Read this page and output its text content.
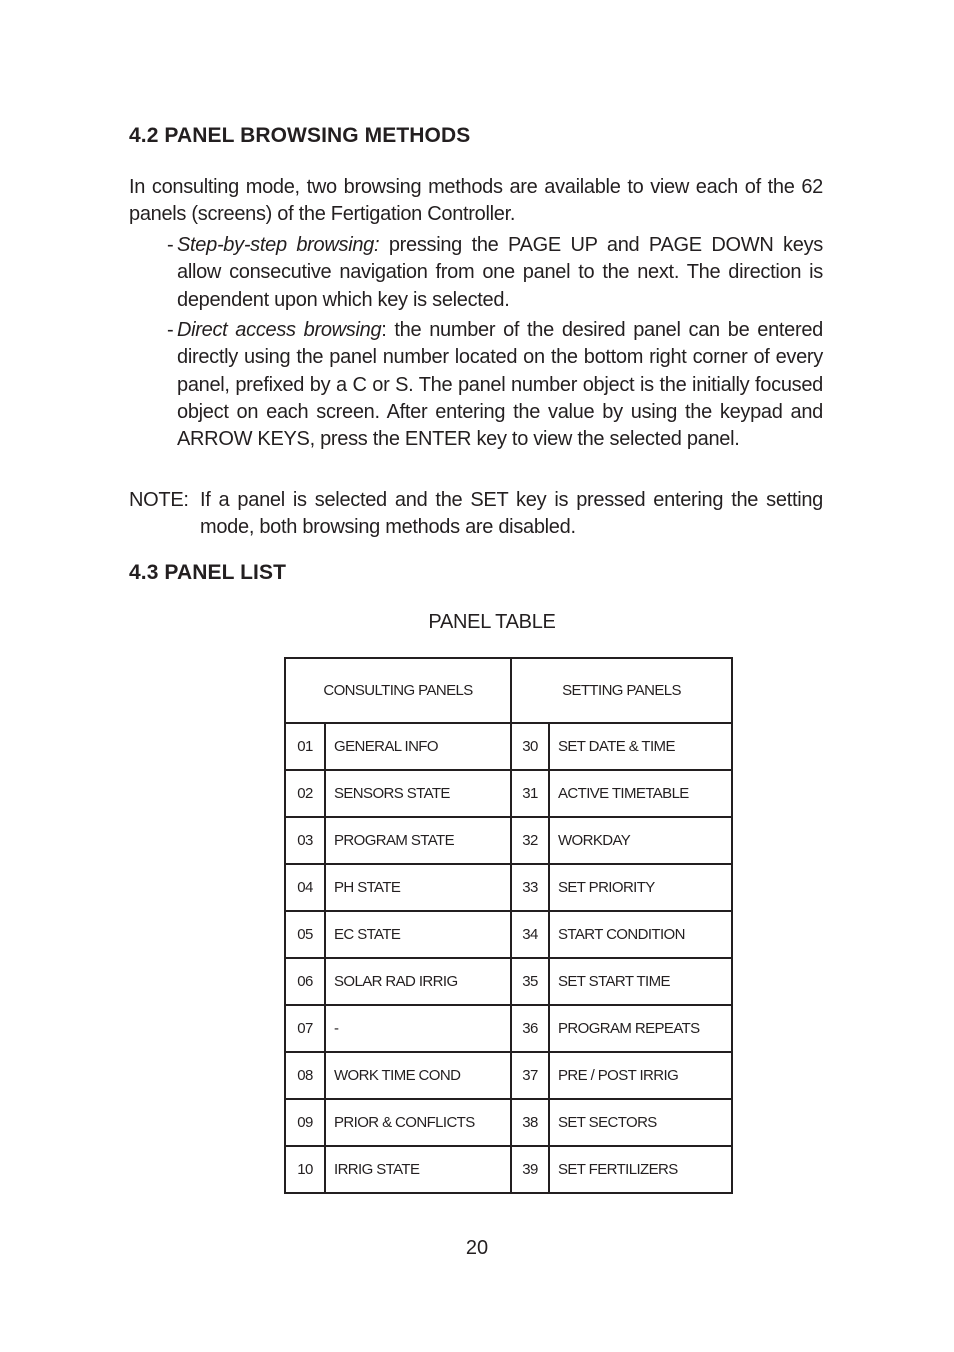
4.2 PANEL BROWSING METHODS

In consulting mode, two browsing methods are available to view each of the 62 panels (screens) of the Fertigation Controller.

- Step-by-step browsing: pressing the PAGE UP and PAGE DOWN keys allow consecutive navigation from one panel to the next. The direction is dependent upon which key is selected.

- Direct access browsing: the number of the desired panel can be entered directly using the panel number located on the bottom right corner of every panel, prefixed by a C or S. The panel number object is the initially focused object on each screen. After entering the value by using the keypad and ARROW KEYS, press the ENTER key to view the selected panel.

NOTE: If a panel is selected and the SET key is pressed entering the setting mode, both browsing methods are disabled.

4.3 PANEL LIST
PANEL TABLE
CONSULTING PANELS		SETTING PANELS	
01	GENERAL INFO	30	SET DATE & TIME
02	SENSORS STATE	31	ACTIVE TIMETABLE
03	PROGRAM STATE	32	WORKDAY
04	PH STATE	33	SET PRIORITY
05	EC STATE	34	START CONDITION
06	SOLAR RAD IRRIG	35	SET START TIME
07	-	36	PROGRAM REPEATS
08	WORK TIME COND	37	PRE / POST IRRIG
09	PRIOR & CONFLICTS	38	SET SECTORS
10	IRRIG STATE	39	SET FERTILIZERS
20
